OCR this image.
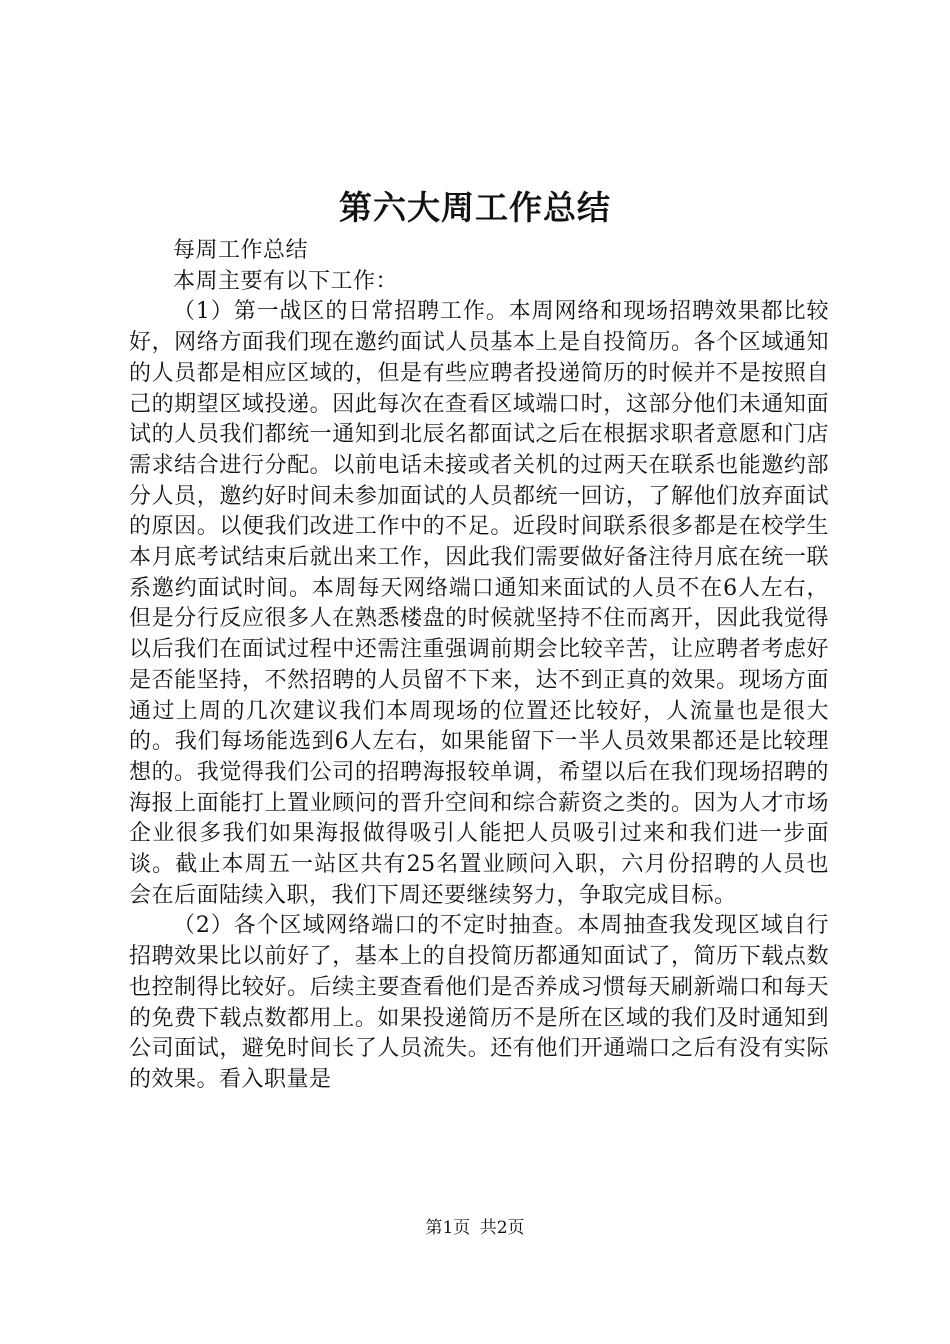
第六大周工作总结

每周工作总结

本周主要有以下工作：

（1）第一战区的日常招聘工作。本周网络和现场招聘效果都比较好，网络方面我们现在邀约面试人员基本上是自投简历。各个区域通知的人员都是相应区域的，但是有些应聘者投递简历的时候并不是按照自己的期望区域投递。因此每次在查看区域端口时，这部分他们未通知面试的人员我们都统一通知到北辰名都面试之后在根据求职者意愿和门店需求结合进行分配。以前电话未接或者关机的过两天在联系也能邀约部分人员，邀约好时间未参加面试的人员都统一回访，了解他们放弃面试的原因。以便我们改进工作中的不足。近段时间联系很多都是在校学生本月底考试结束后就出来工作，因此我们需要做好备注待月底在统一联系邀约面试时间。本周每天网络端口通知来面试的人员不在6人左右，但是分行反应很多人在熟悉楼盘的时候就坚持不住而离开，因此我觉得以后我们在面试过程中还需注重强调前期会比较辛苦，让应聘者考虑好是否能坚持，不然招聘的人员留不下来，达不到正真的效果。现场方面通过上周的几次建议我们本周现场的位置还比较好，人流量也是很大的。我们每场能选到6人左右，如果能留下一半人员效果都还是比较理想的。我觉得我们公司的招聘海报较单调，希望以后在我们现场招聘的海报上面能打上置业顾问的晋升空间和综合薪资之类的。因为人才市场企业很多我们如果海报做得吸引人能把人员吸引过来和我们进一步面谈。截止本周五一站区共有25名置业顾问入职，六月份招聘的人员也会在后面陆续入职，我们下周还要继续努力，争取完成目标。

（2）各个区域网络端口的不定时抽查。本周抽查我发现区域自行招聘效果比以前好了，基本上的自投简历都通知面试了，简历下载点数也控制得比较好。后续主要查看他们是否养成习惯每天刷新端口和每天的免费下载点数都用上。如果投递简历不是所在区域的我们及时通知到公司面试，避免时间长了人员流失。还有他们开通端口之后有没有实际的效果。看入职量是

第1页 共2页
